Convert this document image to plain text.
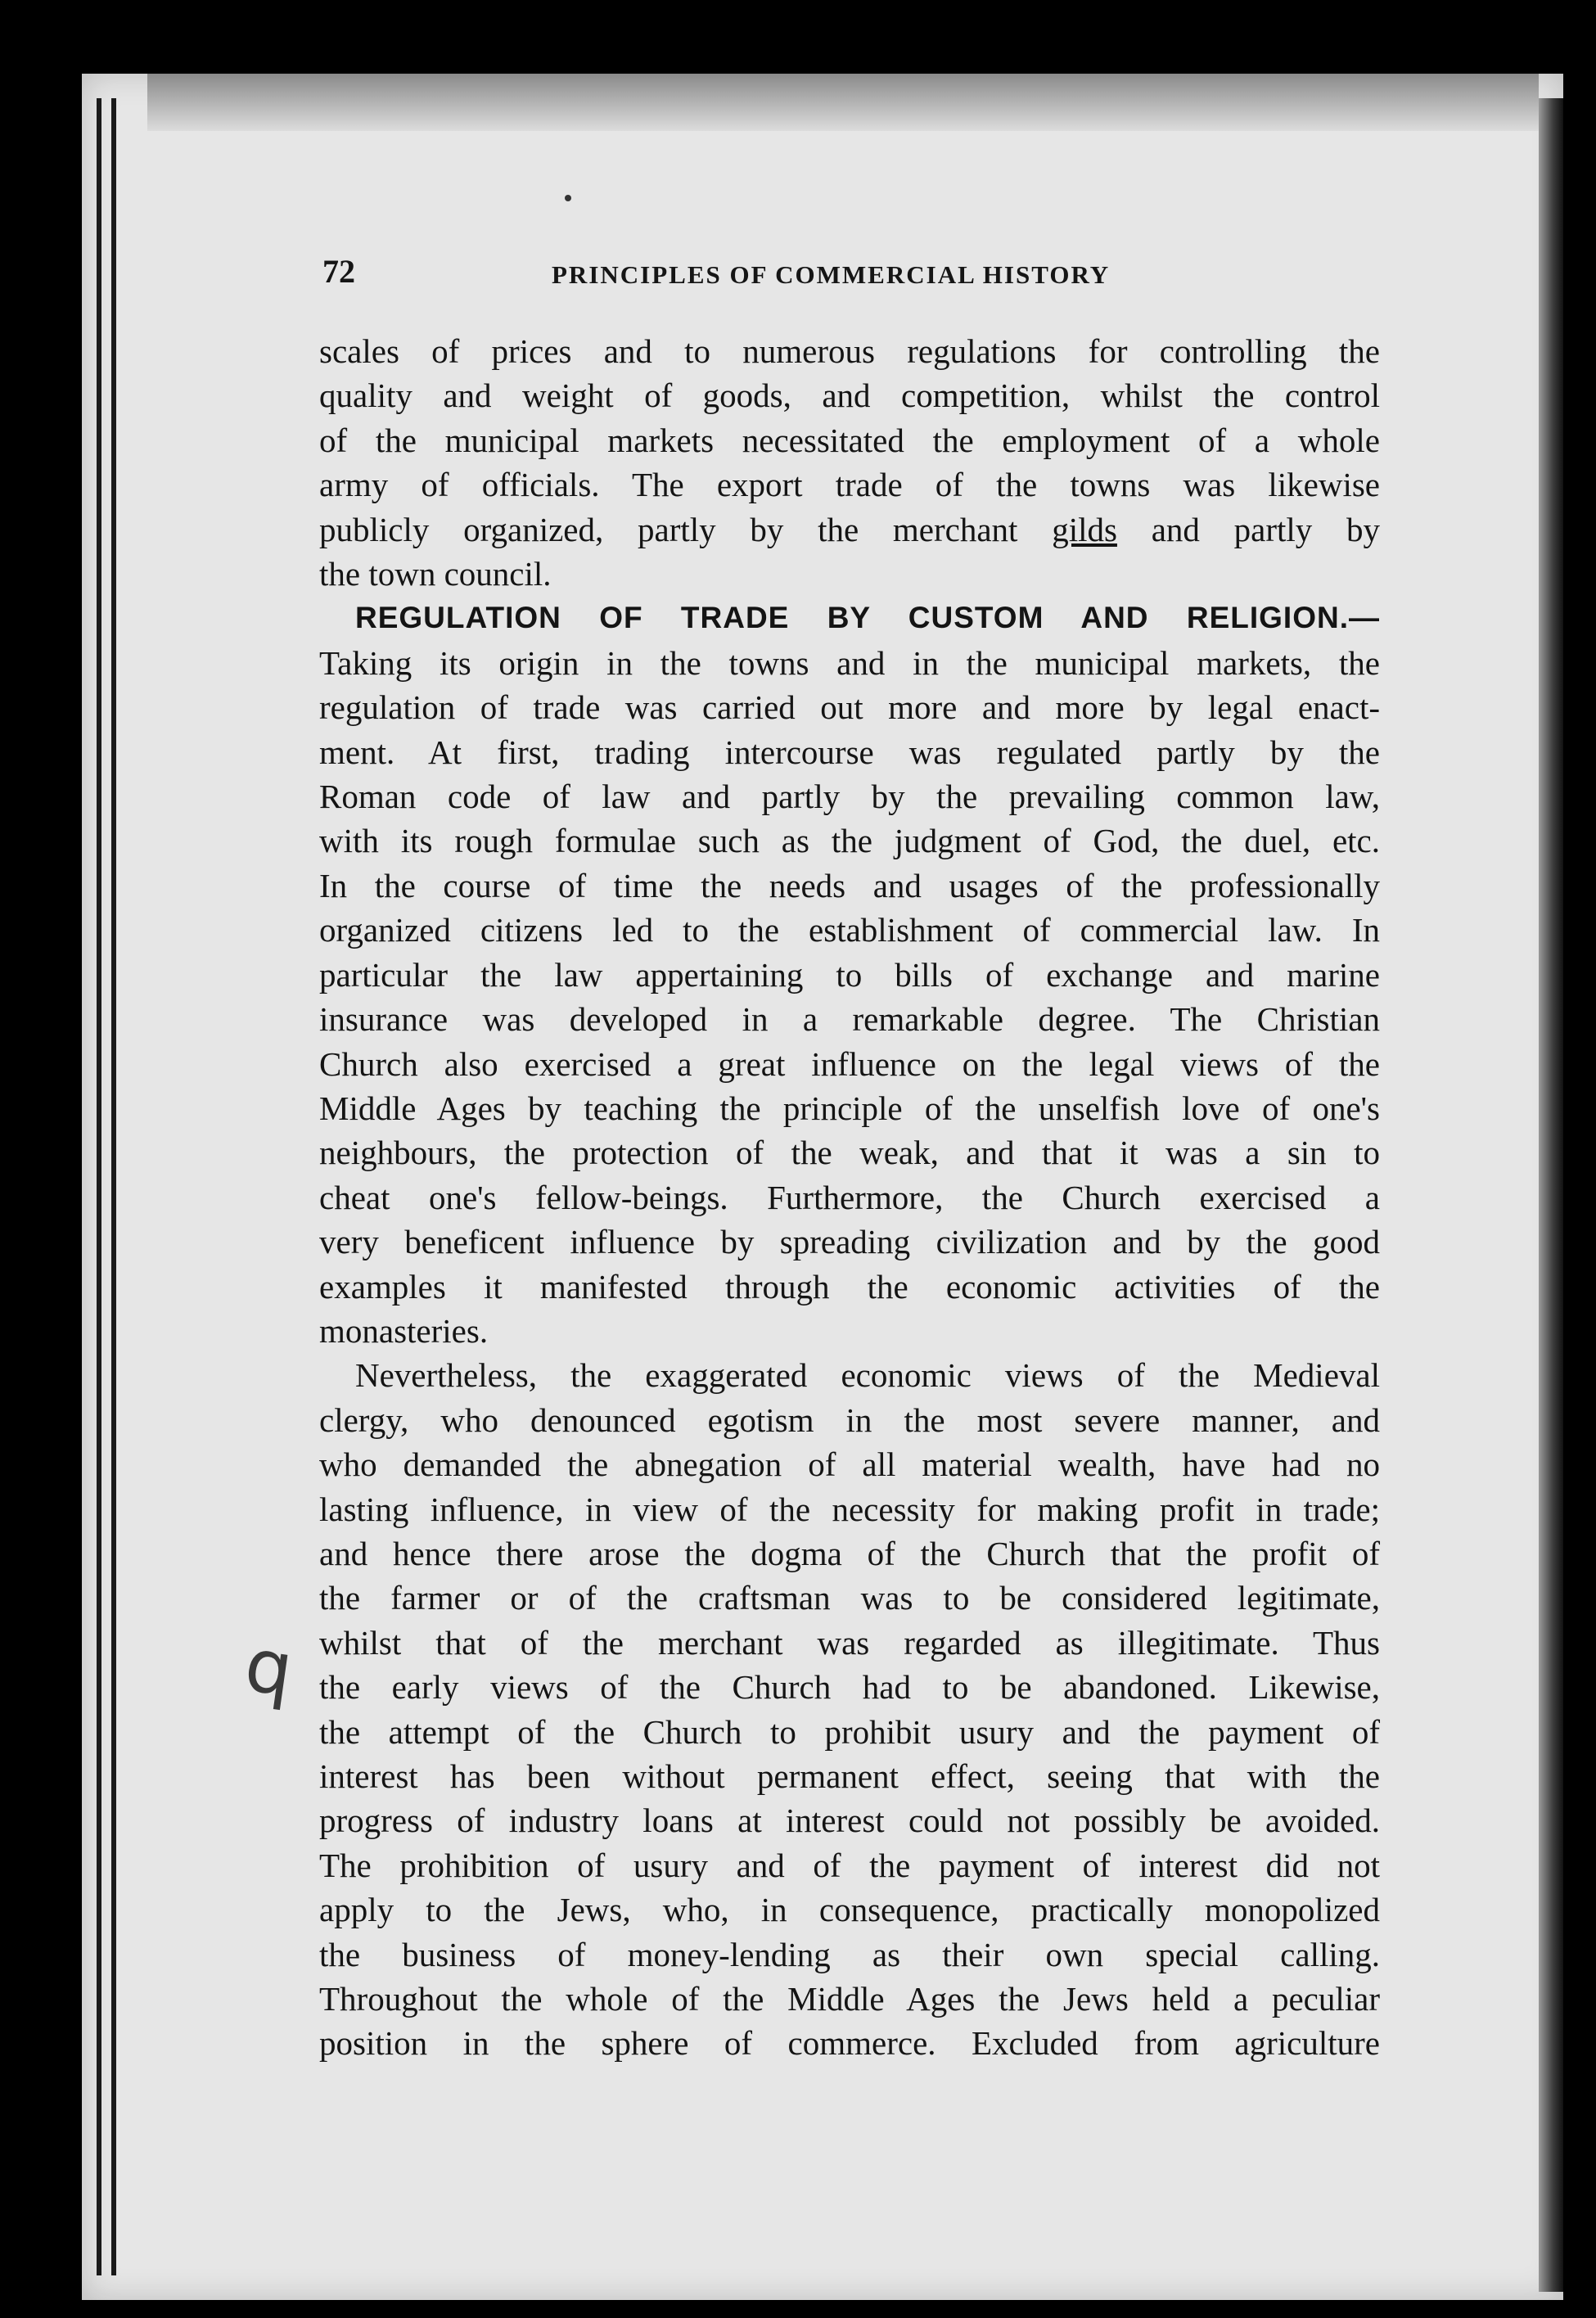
72	PRINCIPLES OF COMMERCIAL HISTORY
q

scales of prices and to numerous regulations for controlling the
quality and weight of goods, and competition, whilst the control
of the municipal markets necessitated the employment of a whole
army of officials. The export trade of the towns was likewise
publicly organized, partly by the merchant gilds and partly by
the town council.

REGULATION OF TRADE BY CUSTOM AND RELIGION.—
Taking its origin in the towns and in the municipal markets, the
regulation of trade was carried out more and more by legal enact-
ment. At first, trading intercourse was regulated partly by the
Roman code of law and partly by the prevailing common law,
with its rough formulae such as the judgment of God, the duel, etc.
In the course of time the needs and usages of the professionally
organized citizens led to the establishment of commercial law. In
particular the law appertaining to bills of exchange and marine
insurance was developed in a remarkable degree. The Christian
Church also exercised a great influence on the legal views of the
Middle Ages by teaching the principle of the unselfish love of one's
neighbours, the protection of the weak, and that it was a sin to
cheat one's fellow-beings. Furthermore, the Church exercised a
very beneficent influence by spreading civilization and by the good
examples it manifested through the economic activities of the
monasteries.

Nevertheless, the exaggerated economic views of the Medieval
clergy, who denounced egotism in the most severe manner, and
who demanded the abnegation of all material wealth, have had no
lasting influence, in view of the necessity for making profit in trade;
and hence there arose the dogma of the Church that the profit of
the farmer or of the craftsman was to be considered legitimate,
whilst that of the merchant was regarded as illegitimate. Thus
the early views of the Church had to be abandoned. Likewise,
the attempt of the Church to prohibit usury and the payment of
interest has been without permanent effect, seeing that with the
progress of industry loans at interest could not possibly be avoided.
The prohibition of usury and of the payment of interest did not
apply to the Jews, who, in consequence, practically monopolized
the business of money-lending as their own special calling.
Throughout the whole of the Middle Ages the Jews held a peculiar
position in the sphere of commerce. Excluded from agriculture
